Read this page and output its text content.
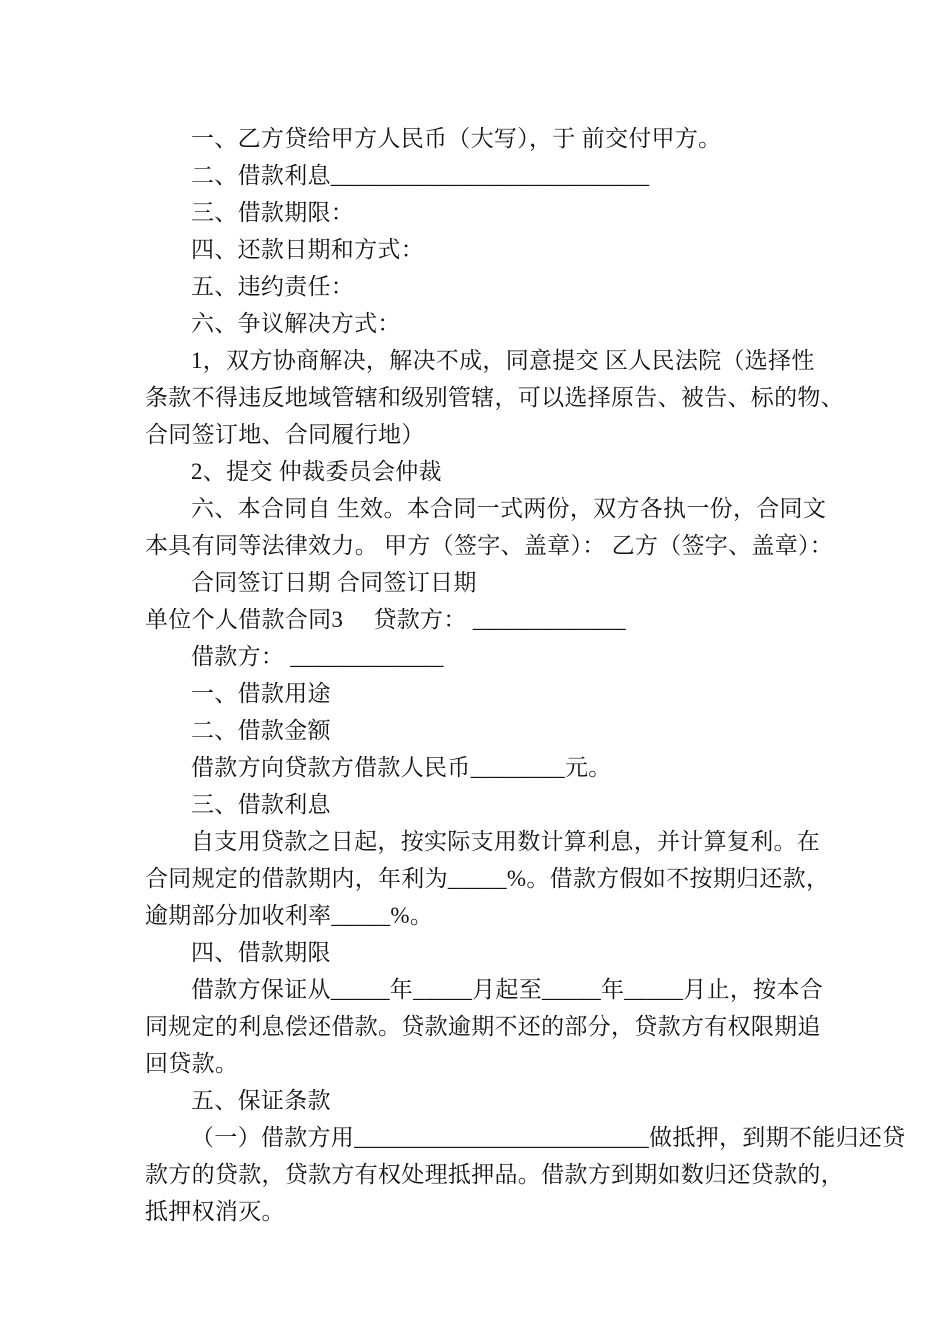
一、乙方贷给甲方人民币（大写），于 前交付甲方。

二、借款利息___________________________

三、借款期限：

四、还款日期和方式：

五、违约责任：

六、争议解决方式：

1，双方协商解决，解决不成，同意提交 区人民法院（选择性

条款不得违反地域管辖和级别管辖，可以选择原告、被告、标的物、

合同签订地、合同履行地）

2、提交 仲裁委员会仲裁

六、本合同自 生效。本合同一式两份，双方各执一份，合同文

本具有同等法律效力。 甲方（签字、盖章）： 乙方（签字、盖章）：

合同签订日期 合同签订日期

单位个人借款合同3     贷款方： _____________

借款方： _____________

一、借款用途

二、借款金额

借款方向贷款方借款人民币________元。

三、借款利息

自支用贷款之日起，按实际支用数计算利息，并计算复利。在

合同规定的借款期内，年利为_____%。借款方假如不按期归还款，

逾期部分加收利率_____%。

四、借款期限

借款方保证从_____年_____月起至_____年_____月止，按本合

同规定的利息偿还借款。贷款逾期不还的部分，贷款方有权限期追

回贷款。

五、保证条款

（一）借款方用_________________________做抵押，到期不能归还贷

款方的贷款，贷款方有权处理抵押品。借款方到期如数归还贷款的，

抵押权消灭。
